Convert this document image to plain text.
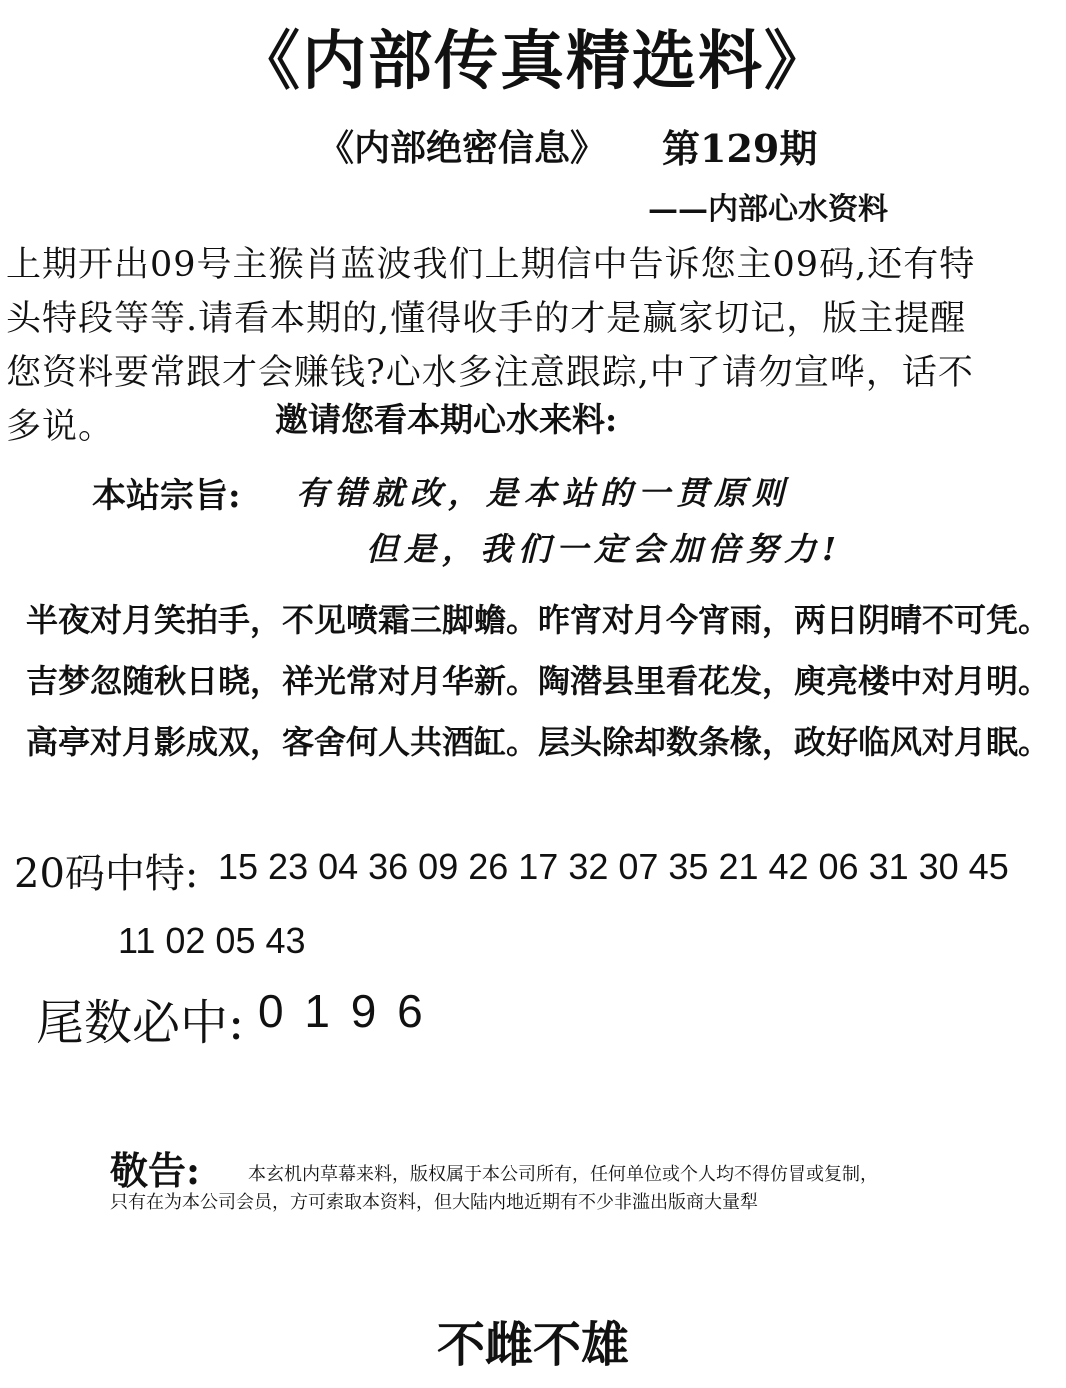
《内部传真精选料》
《内部绝密信息》 第129期
——内部心水资料

上期开出09号主猴肖蓝波我们上期信中告诉您主09码,还有特

头特段等等.请看本期的,懂得收手的才是赢家切记，版主提醒

您资料要常跟才会赚钱?心水多注意跟踪,中了请勿宣哗，话不

多说。	邀请您看本期心水来料:
本站宗旨: 有错就改，是本站的一贯原则
但是，我们一定会加倍努力!

半夜对月笑拍手，不见喷霜三脚蟾。昨宵对月今宵雨，两日阴晴不可凭。

吉梦忽随秋日晓，祥光常对月华新。陶潜县里看花发，庾亮楼中对月明。

高亭对月影成双，客舍何人共酒缸。层头除却数条椽，政好临风对月眠。

20码中特: 15 23 04 36 09 26 17 32 07 35 21 42 06 31 30 45
11 02 05 43
尾数必中: 0 1 9 6
敬告:	本玄机内草幕来料，版权属于本公司所有，任何单位或个人均不得仿冒或复制，
只有在为本公司会员，方可索取本资料，但大陆内地近期有不少非滥出版商大量犁
不雌不雄
